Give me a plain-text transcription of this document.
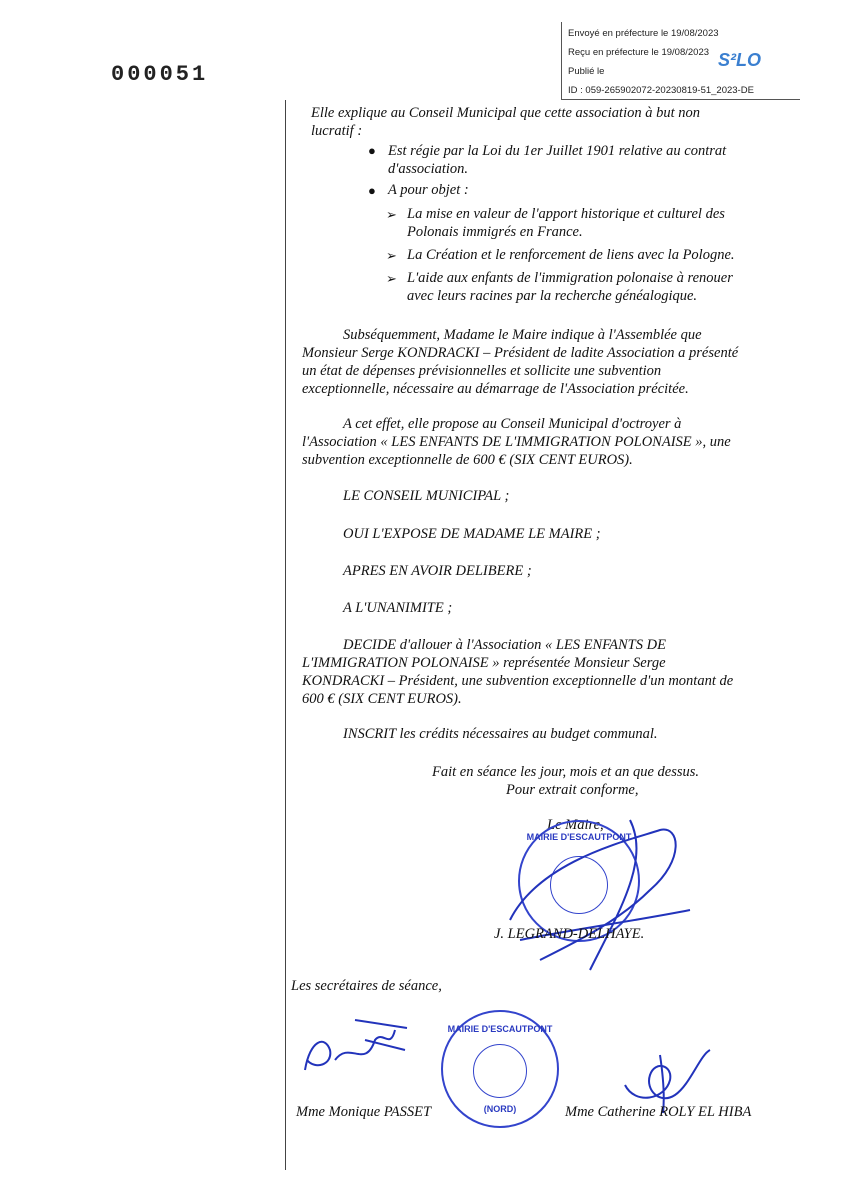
000051
Envoyé en préfecture le 19/08/2023
Reçu en préfecture le 19/08/2023
Publié le
ID : 059-265902072-20230819-51_2023-DE
S²LO
Elle explique au Conseil Municipal que cette association à but non
lucratif :
● Est régie par la Loi du 1er Juillet 1901 relative au contrat
d'association.
● A pour objet :
➢ La mise en valeur de l'apport historique et culturel des
Polonais immigrés en France.
➢ La Création et le renforcement de liens avec la Pologne.
➢ L'aide aux enfants de l'immigration polonaise à renouer
avec leurs racines par la recherche généalogique.
Subséquemment, Madame le Maire indique à l'Assemblée que
Monsieur Serge KONDRACKI – Président de ladite Association a présenté
un état de dépenses prévisionnelles et sollicite une subvention
exceptionnelle, nécessaire au démarrage de l'Association précitée.
A cet effet, elle propose au Conseil Municipal d'octroyer à
l'Association « LES ENFANTS DE L'IMMIGRATION POLONAISE », une
subvention exceptionnelle de 600 € (SIX CENT EUROS).
LE CONSEIL MUNICIPAL ;
OUI L'EXPOSE DE MADAME LE MAIRE ;
APRES EN AVOIR DELIBERE ;
A L'UNANIMITE ;
DECIDE d'allouer à l'Association « LES ENFANTS DE
L'IMMIGRATION POLONAISE » représentée Monsieur Serge
KONDRACKI – Président, une subvention exceptionnelle d'un montant de
600 € (SIX CENT EUROS).
INSCRIT les crédits nécessaires au budget communal.
Fait en séance les jour, mois et an que dessus.
Pour extrait conforme,
Le Maire,
MAIRIE D'ESCAUTPONT
J. LEGRAND-DELHAYE.
Les secrétaires de séance,
MAIRIE D'ESCAUTPONT
(NORD)
Mme Monique PASSET	Mme Catherine ROLY EL HIBA
